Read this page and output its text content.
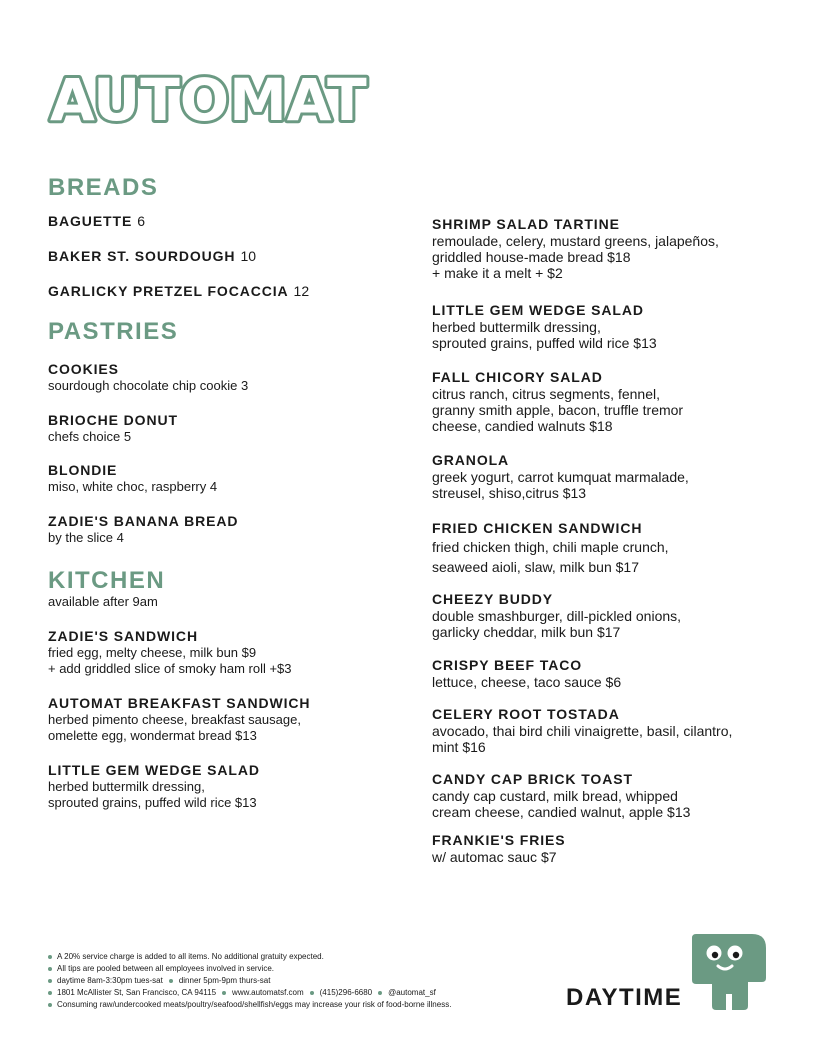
AUTOMAT
BREADS
BAGUETTE 6
BAKER ST. SOURDOUGH 10
GARLICKY PRETZEL FOCACCIA 12
PASTRIES
COOKIES
sourdough chocolate chip cookie 3
BRIOCHE DONUT
chefs choice 5
BLONDIE
miso, white choc, raspberry 4
ZADIE'S BANANA BREAD
by the slice 4
KITCHEN
available after 9am
ZADIE'S SANDWICH
fried egg, melty cheese, milk bun $9
+ add griddled slice of smoky ham roll +$3
AUTOMAT BREAKFAST SANDWICH
herbed pimento cheese, breakfast sausage,
omelette egg, wondermat bread $13
LITTLE GEM WEDGE SALAD
herbed buttermilk dressing,
sprouted grains, puffed wild rice $13
SHRIMP SALAD TARTINE
remoulade, celery, mustard greens, jalapeños,
griddled house-made bread $18
+ make it a melt + $2
LITTLE GEM WEDGE SALAD
herbed buttermilk dressing,
sprouted grains, puffed wild rice $13
FALL CHICORY SALAD
citrus ranch, citrus segments, fennel,
granny smith apple, bacon, truffle tremor
cheese, candied walnuts $18
GRANOLA
greek yogurt, carrot kumquat marmalade,
streusel, shiso,citrus $13
FRIED CHICKEN SANDWICH
fried chicken thigh, chili maple crunch,
seaweed aioli, slaw, milk bun $17
CHEEZY BUDDY
double smashburger, dill-pickled onions,
garlicky cheddar, milk bun $17
CRISPY BEEF TACO
lettuce, cheese, taco sauce $6
CELERY ROOT TOSTADA
avocado, thai bird chili vinaigrette, basil, cilantro,
mint $16
CANDY CAP BRICK TOAST
candy cap custard, milk bread, whipped
cream cheese, candied walnut, apple $13
FRANKIE'S FRIES
w/ automac sauc $7
A 20% service charge is added to all items. No additional gratuity expected.
All tips are pooled between all employees involved in service.
daytime 8am-3:30pm tues-sat dinner 5pm-9pm thurs-sat
1801 McAllister St, San Francisco, CA 94115 www.automatsf.com (415)296-6680 @automat_sf
Consuming raw/undercooked meats/poultry/seafood/shellfish/eggs may increase your risk of food-borne illness.	DAYTIME
